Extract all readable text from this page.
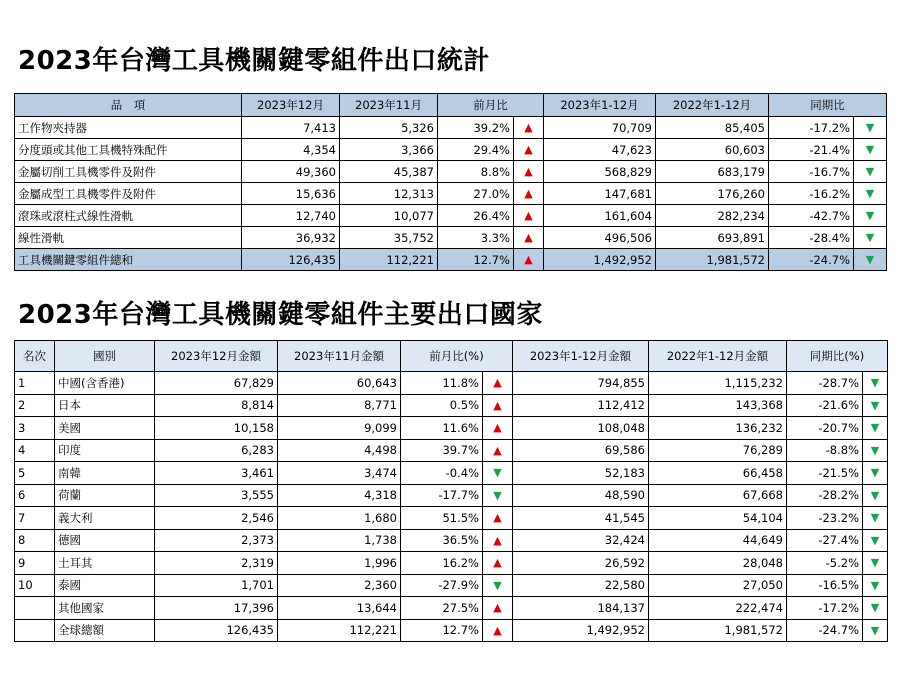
2023年台灣工具機關鍵零組件出口統計
品　項	2023年12月	2023年11月	前月比		2023年1-12月	2022年1-12月	同期比	
工作物夾持器	7,413	5,326	39.2%	▲	70,709	85,405	-17.2%	▼
分度頭或其他工具機特殊配件	4,354	3,366	29.4%	▲	47,623	60,603	-21.4%	▼
金屬切削工具機零件及附件	49,360	45,387	8.8%	▲	568,829	683,179	-16.7%	▼
金屬成型工具機零件及附件	15,636	12,313	27.0%	▲	147,681	176,260	-16.2%	▼
滾珠或滾柱式線性滑軌	12,740	10,077	26.4%	▲	161,604	282,234	-42.7%	▼
線性滑軌	36,932	35,752	3.3%	▲	496,506	693,891	-28.4%	▼
工具機關鍵零組件總和	126,435	112,221	12.7%	▲	1,492,952	1,981,572	-24.7%	▼
2023年台灣工具機關鍵零組件主要出口國家
名次	國別	2023年12月金額	2023年11月金額	前月比(%)		2023年1-12月金額	2022年1-12月金額	同期比(%)	
1	中國(含香港)	67,829	60,643	11.8%	▲	794,855	1,115,232	-28.7%	▼
2	日本	8,814	8,771	0.5%	▲	112,412	143,368	-21.6%	▼
3	美國	10,158	9,099	11.6%	▲	108,048	136,232	-20.7%	▼
4	印度	6,283	4,498	39.7%	▲	69,586	76,289	-8.8%	▼
5	南韓	3,461	3,474	-0.4%	▼	52,183	66,458	-21.5%	▼
6	荷蘭	3,555	4,318	-17.7%	▼	48,590	67,668	-28.2%	▼
7	義大利	2,546	1,680	51.5%	▲	41,545	54,104	-23.2%	▼
8	德國	2,373	1,738	36.5%	▲	32,424	44,649	-27.4%	▼
9	土耳其	2,319	1,996	16.2%	▲	26,592	28,048	-5.2%	▼
10	泰國	1,701	2,360	-27.9%	▼	22,580	27,050	-16.5%	▼
	其他國家	17,396	13,644	27.5%	▲	184,137	222,474	-17.2%	▼
	全球總額	126,435	112,221	12.7%	▲	1,492,952	1,981,572	-24.7%	▼
